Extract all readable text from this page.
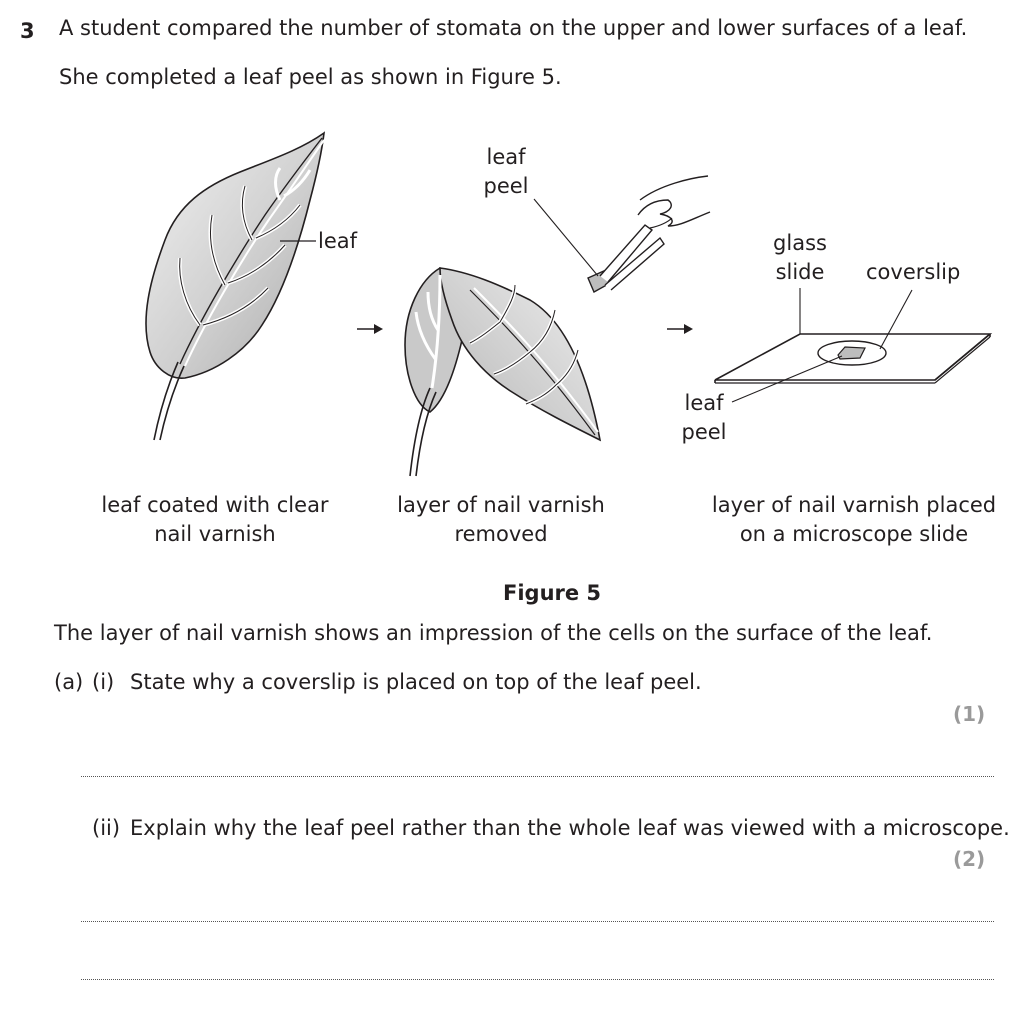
3 A student compared the number of stomata on the upper and lower surfaces of a leaf.
She completed a leaf peel as shown in Figure 5.
leaf
leaf
peel
glass
slide	coverslip
leaf
peel
leaf coated with clear
nail varnish
layer of nail varnish
removed
layer of nail varnish placed
on a microscope slide
Figure 5
The layer of nail varnish shows an impression of the cells on the surface of the leaf.
(a) (i) State why a coverslip is placed on top of the leaf peel.
(1)
(ii) Explain why the leaf peel rather than the whole leaf was viewed with a microscope.
(2)
